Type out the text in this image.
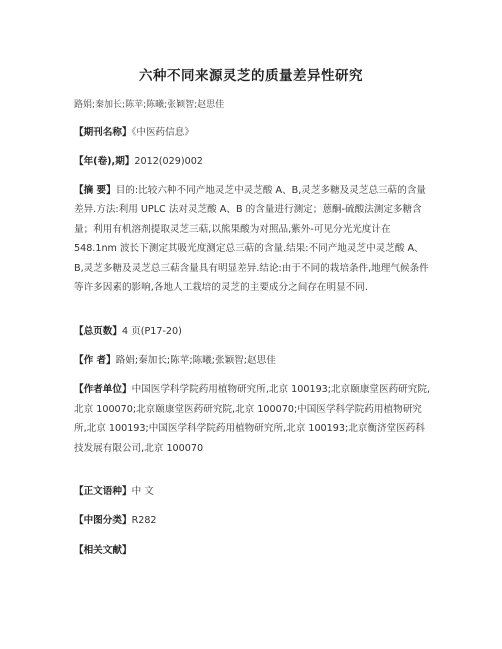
六种不同来源灵芝的质量差异性研究
路娟;秦加长;陈苹;陈曦;张颖智;赵思佳
【期刊名称】《中医药信息》
【年(卷),期】2012(029)002
【摘 要】目的:比较六种不同产地灵芝中灵芝酸 A、B,灵芝多糖及灵芝总三萜的含量差异.方法:利用 UPLC 法对灵芝酸 A、B 的含量进行测定；蒽酮-硫酸法测定多糖含量；利用有机溶剂提取灵芝三萜,以熊果酸为对照品,紫外-可见分光光度计在 548.1nm 波长下测定其吸光度测定总三萜的含量.结果:不同产地灵芝中灵芝酸 A、B,灵芝多糖及灵芝总三萜含量具有明显差异.结论:由于不同的栽培条件,地理气候条件等许多因素的影响,各地人工栽培的灵芝的主要成分之间存在明显不同.
【总页数】4 页(P17-20)
【作 者】路娟;秦加长;陈苹;陈曦;张颖智;赵思佳
【作者单位】中国医学科学院药用植物研究所,北京 100193;北京颐康堂医药研究院,北京 100070;北京颐康堂医药研究院,北京 100070;中国医学科学院药用植物研究所,北京 100193;中国医学科学院药用植物研究所,北京 100193;北京衡济堂医药科技发展有限公司,北京 100070
【正文语种】中 文
【中图分类】R282
【相关文献】
